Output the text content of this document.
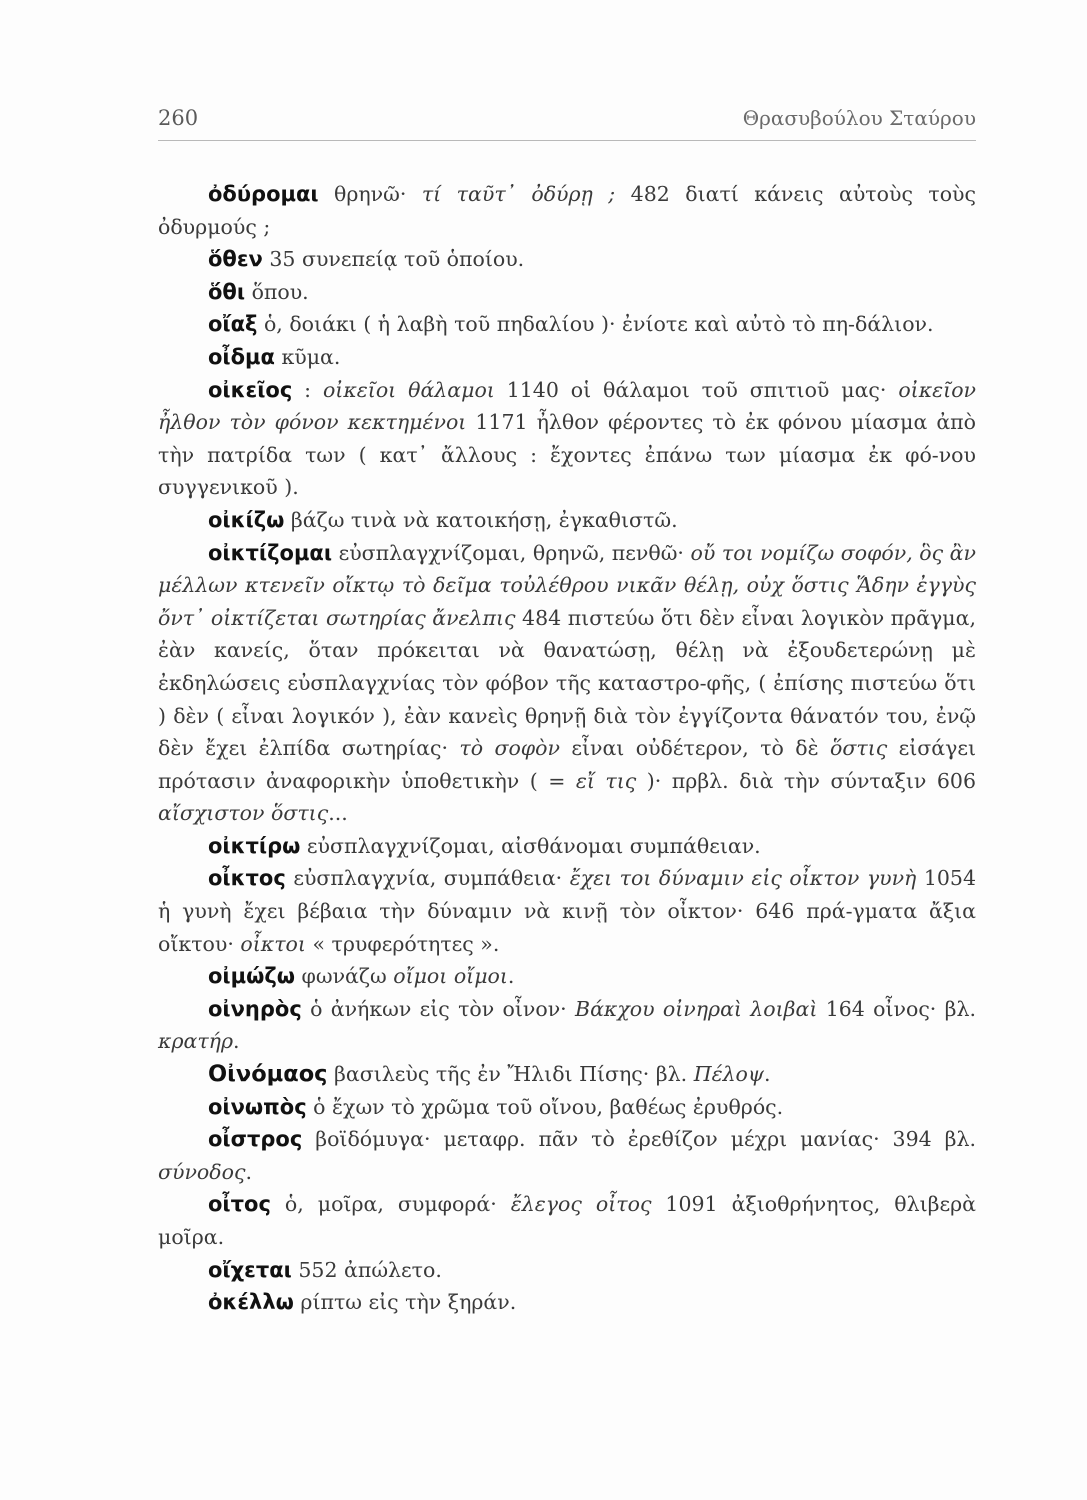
260	Θρασυβούλου Σταύρου

ὀδύρομαι θρηνῶ· τί ταῦτ᾽ ὀδύρῃ ; 482 διατί κάνεις αὐτοὺς τοὺς ὀδυρμούς ;

ὅθεν 35 συνεπείᾳ τοῦ ὁποίου.

ὅθι ὅπου.

οἴαξ ὁ, δοιάκι ( ἡ λαβὴ τοῦ πηδαλίου )· ἐνίοτε καὶ αὐτὸ τὸ πη-δάλιον.

οἶδμα κῦμα.

οἰκεῖος : οἰκεῖοι θάλαμοι 1140 οἱ θάλαμοι τοῦ σπιτιοῦ μας· οἰκεῖον ἦλθον τὸν φόνον κεκτημένοι 1171 ἦλθον φέροντες τὸ ἐκ φόνου μίασμα ἀπὸ τὴν πατρίδα των ( κατ᾽ ἄλλους : ἔχοντες ἐπάνω των μίασμα ἐκ φό-νου συγγενικοῦ ).

οἰκίζω βάζω τινὰ νὰ κατοικήσῃ, ἐγκαθιστῶ.

οἰκτίζομαι εὐσπλαγχνίζομαι, θρηνῶ, πενθῶ· οὔ τοι νομίζω σοφόν, ὃς ἂν μέλλων κτενεῖν οἴκτῳ τὸ δεῖμα τοὐλέθρου νικᾶν θέλῃ, οὐχ ὅστις Ἅδην ἐγγὺς ὄντ᾽ οἰκτίζεται σωτηρίας ἄνελπις 484 πιστεύω ὅτι δὲν εἶναι λογικὸν πρᾶγμα, ἐὰν κανείς, ὅταν πρόκειται νὰ θανατώσῃ, θέλῃ νὰ ἐξουδετερώνῃ μὲ ἐκδηλώσεις εὐσπλαγχνίας τὸν φόβον τῆς καταστρο-φῆς, ( ἐπίσης πιστεύω ὅτι ) δὲν ( εἶναι λογικόν ), ἐὰν κανεὶς θρηνῇ διὰ τὸν ἐγγίζοντα θάνατόν του, ἐνῷ δὲν ἔχει ἐλπίδα σωτηρίας· τὸ σοφὸν εἶναι οὐδέτερον, τὸ δὲ ὅστις εἰσάγει πρότασιν ἀναφορικὴν ὑποθετικὴν ( = εἴ τις )· πρβλ. διὰ τὴν σύνταξιν 606 αἴσχιστον ὅστις...

οἰκτίρω εὐσπλαγχνίζομαι, αἰσθάνομαι συμπάθειαν.

οἶκτος εὐσπλαγχνία, συμπάθεια· ἔχει τοι δύναμιν εἰς οἶκτον γυνὴ 1054 ἡ γυνὴ ἔχει βέβαια τὴν δύναμιν νὰ κινῇ τὸν οἶκτον· 646 πρά-γματα ἄξια οἴκτου· οἶκτοι « τρυφερότητες ».

οἰμώζω φωνάζω οἴμοι οἴμοι.

οἰνηρὸς ὁ ἀνήκων εἰς τὸν οἶνον· Βάκχου οἰνηραὶ λοιβαὶ 164 οἶνος· βλ. κρατήρ.

Οἰνόμαος βασιλεὺς τῆς ἐν Ἤλιδι Πίσης· βλ. Πέλοψ.

οἰνωπὸς ὁ ἔχων τὸ χρῶμα τοῦ οἴνου, βαθέως ἐρυθρός.

οἶστρος βοϊδόμυγα· μεταφρ. πᾶν τὸ ἐρεθίζον μέχρι μανίας· 394 βλ. σύνοδος.

οἶτος ὁ, μοῖρα, συμφορά· ἔλεγος οἶτος 1091 ἀξιοθρήνητος, θλιβερὰ μοῖρα.

οἴχεται 552 ἀπώλετο.

ὀκέλλω ρίπτω εἰς τὴν ξηράν.
